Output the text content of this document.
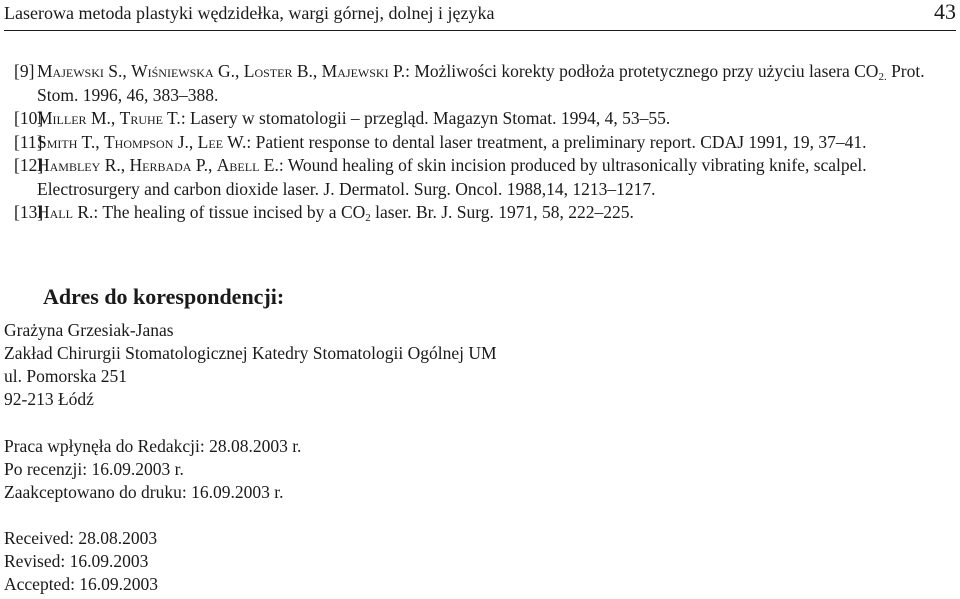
Laserowa metoda plastyki wędzidełka, wargi górnej, dolnej i języka	43
[9] Majewski S., Wiśniewska G., Loster B., Majewski P.: Możliwości korekty podłoża protetycznego przy użyciu lasera $CO_{2.}$ Prot. Stom. 1996, 46, 383–388.
[10]
Miller M., Truhe T.: Lasery w stomatologii – przegląd. Magazyn Stomat. 1994, 4, 53–55.
[11]
Smith T., Thompson J., Lee W.: Patient response to dental laser treatment, a preliminary report. CDAJ 1991, 19, 37–41.
[12]
Hambley R., Herbada P., Abell E.: Wound healing of skin incision produced by ultrasonically vibrating knife, scalpel. Electrosurgery and carbon dioxide laser. J. Dermatol. Surg. Oncol. 1988,14, 1213–1217.
[13]
Hall R.: The healing of tissue incised by a $CO_2$ laser. Br. J. Surg. 1971, 58, 222–225.
Adres do korespondencji:
Grażyna Grzesiak-Janas
Zakład Chirurgii Stomatologicznej Katedry Stomatologii Ogólnej UM
ul. Pomorska 251
92-213 Łódź
Praca wpłynęła do Redakcji: 28.08.2003 r.
Po recenzji: 16.09.2003 r.
Zaakceptowano do druku: 16.09.2003 r.
Received: 28.08.2003
Revised: 16.09.2003
Accepted: 16.09.2003
